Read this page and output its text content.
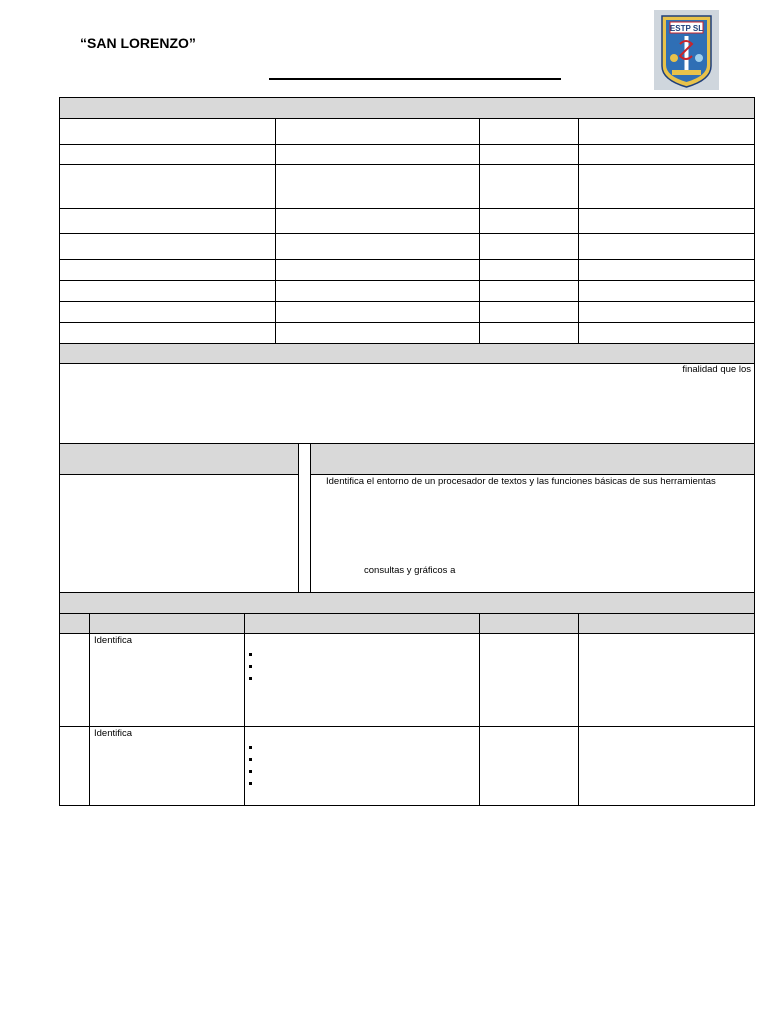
“SAN LORENZO”
ESTP SL
finalidad que los
Identifica el entorno de un procesador de textos y las funciones básicas de sus herramientas
consultas y gráficos a
Identifica
Identifica
